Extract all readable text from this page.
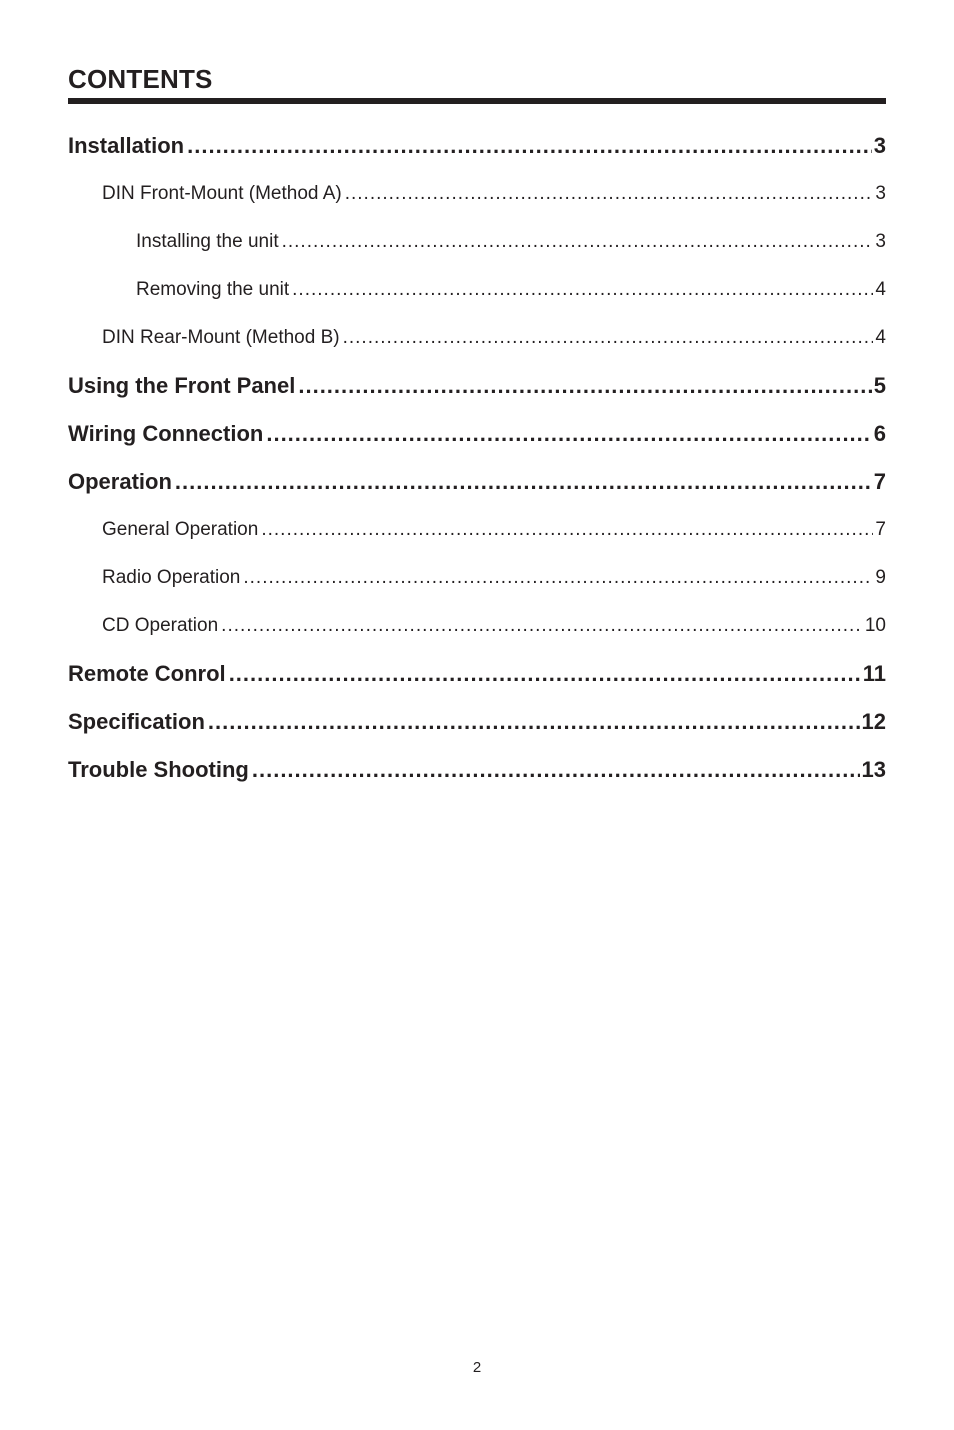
CONTENTS
Installation .....	3
DIN Front-Mount (Method A) .....	3
Installing the unit .....	3
Removing the unit .....	4
DIN Rear-Mount (Method B) .....	4
Using the Front Panel .....	5
Wiring Connection .....	6
Operation .....	7
General Operation .....	7
Radio Operation .....	9
CD Operation .....	10
Remote Conrol .....	11
Specification .....	12
Trouble Shooting .....	13
2
